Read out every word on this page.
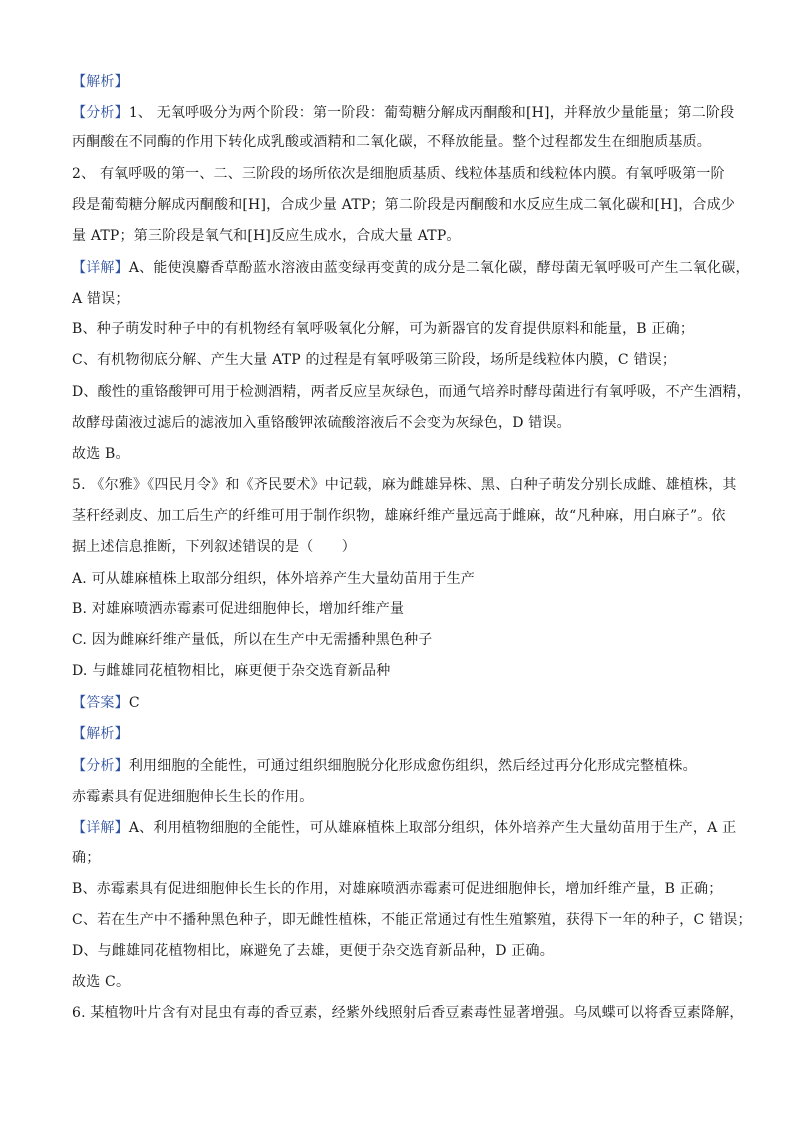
【解析】
【分析】1、 无氧呼吸分为两个阶段：第一阶段：葡萄糖分解成丙酮酸和[H]，并释放少量能量；第二阶段
丙酮酸在不同酶的作用下转化成乳酸或酒精和二氧化碳，不释放能量。整个过程都发生在细胞质基质。
2、 有氧呼吸的第一、二、三阶段的场所依次是细胞质基质、线粒体基质和线粒体内膜。有氧呼吸第一阶
段是葡萄糖分解成丙酮酸和[H]，合成少量 ATP；第二阶段是丙酮酸和水反应生成二氧化碳和[H]，合成少
量 ATP；第三阶段是氧气和[H]反应生成水，合成大量 ATP。
【详解】A、能使溴麝香草酚蓝水溶液由蓝变绿再变黄的成分是二氧化碳，酵母菌无氧呼吸可产生二氧化碳，
A 错误；
B、种子萌发时种子中的有机物经有氧呼吸氧化分解，可为新器官的发育提供原料和能量，B 正确；
C、有机物彻底分解、产生大量 ATP 的过程是有氧呼吸第三阶段，场所是线粒体内膜，C 错误；
D、酸性的重铬酸钾可用于检测酒精，两者反应呈灰绿色，而通气培养时酵母菌进行有氧呼吸，不产生酒精，
故酵母菌液过滤后的滤液加入重铬酸钾浓硫酸溶液后不会变为灰绿色，D 错误。
故选 B。
5. 《尔雅》《四民月令》和《齐民要术》中记载，麻为雌雄异株、黑、白种子萌发分别长成雌、雄植株，其
茎秆经剥皮、加工后生产的纤维可用于制作织物，雄麻纤维产量远高于雌麻，故“凡种麻，用白麻子”。依
据上述信息推断，下列叙述错误的是（　　）
A. 可从雄麻植株上取部分组织，体外培养产生大量幼苗用于生产
B. 对雄麻喷洒赤霉素可促进细胞伸长，增加纤维产量
C. 因为雌麻纤维产量低，所以在生产中无需播种黑色种子
D. 与雌雄同花植物相比，麻更便于杂交选育新品种
【答案】C
【解析】
【分析】利用细胞的全能性，可通过组织细胞脱分化形成愈伤组织，然后经过再分化形成完整植株。
赤霉素具有促进细胞伸长生长的作用。
【详解】A、利用植物细胞的全能性，可从雄麻植株上取部分组织，体外培养产生大量幼苗用于生产，A 正
确；
B、赤霉素具有促进细胞伸长生长的作用，对雄麻喷洒赤霉素可促进细胞伸长，增加纤维产量，B 正确；
C、若在生产中不播种黑色种子，即无雌性植株，不能正常通过有性生殖繁殖，获得下一年的种子，C 错误；
D、与雌雄同花植物相比，麻避免了去雄，更便于杂交选育新品种，D 正确。
故选 C。
6. 某植物叶片含有对昆虫有毒的香豆素，经紫外线照射后香豆素毒性显著增强。乌凤蝶可以将香豆素降解，
